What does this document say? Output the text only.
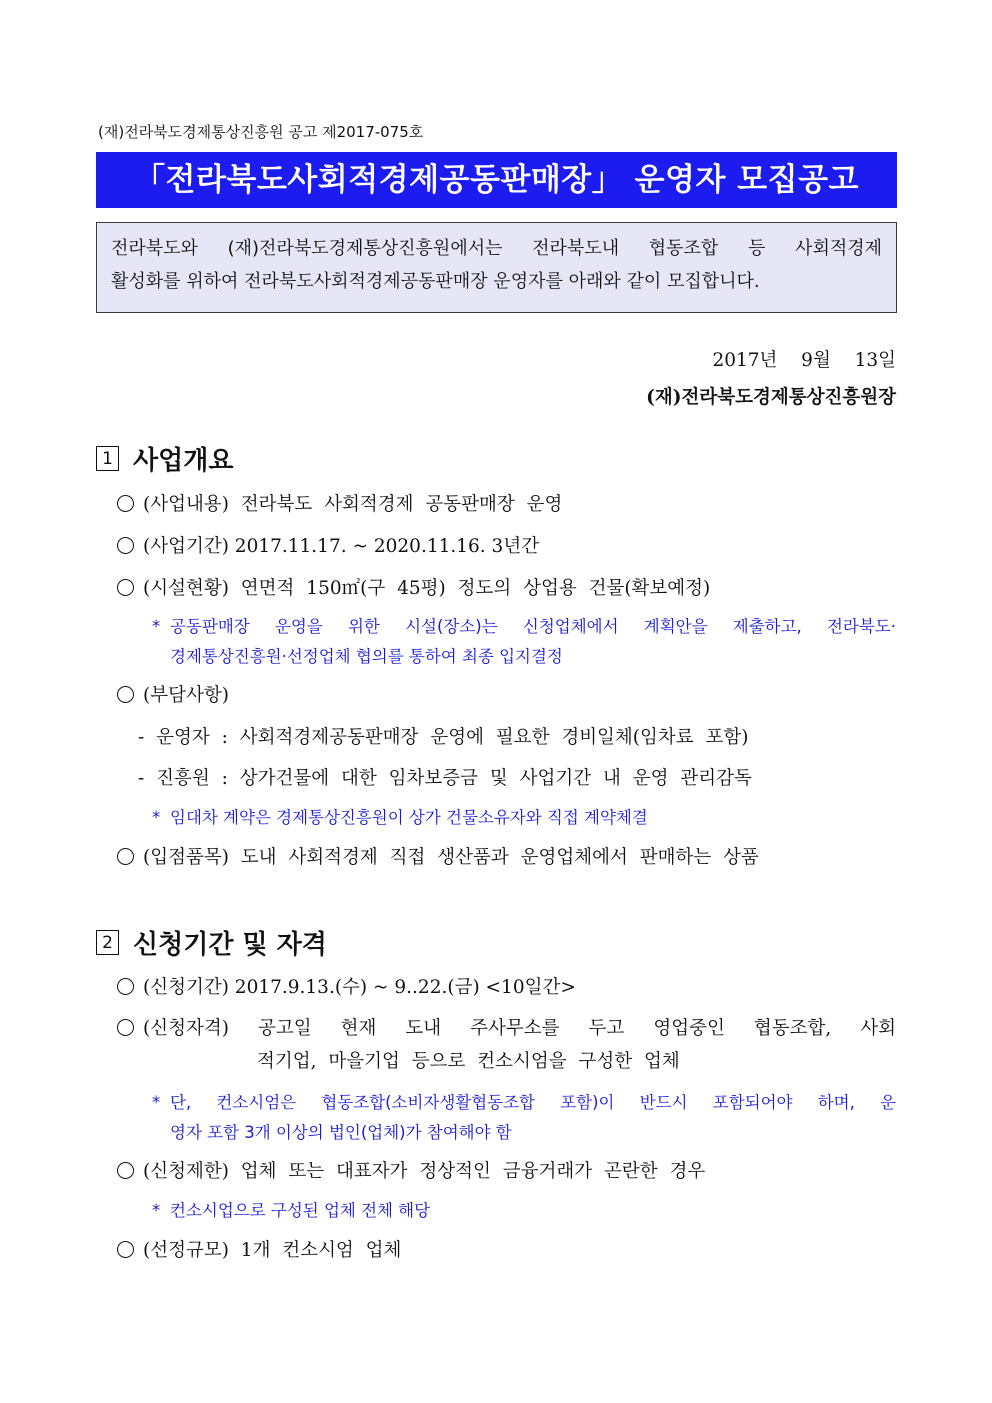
(재)전라북도경제통상진흥원 공고 제2017-075호
「전라북도사회적경제공동판매장」 운영자 모집공고
전라북도와 (재)전라북도경제통상진흥원에서는 전라북도내 협동조합 등 사회적경제
활성화를 위하여 전라북도사회적경제공동판매장 운영자를 아래와 같이 모집합니다.
2017년  9월  13일
(재)전라북도경제통상진흥원장
1 사업개요
(사업내용) 전라북도 사회적경제 공동판매장 운영
(사업기간) 2017.11.17. ~ 2020.11.16. 3년간
(시설현황) 연면적 150㎡(구 45평) 정도의 상업용 건물(확보예정)
* 공동판매장 운영을 위한 시설(장소)는 신청업체에서 계획안을 제출하고, 전라북도·
경제통상진흥원·선정업체 협의를 통하여 최종 입지결정
(부담사항)
- 운영자 : 사회적경제공동판매장 운영에 필요한 경비일체(임차료 포함)
- 진흥원 : 상가건물에 대한 임차보증금 및 사업기간 내 운영 관리감독
* 임대차 계약은 경제통상진흥원이 상가 건물소유자와 직접 계약체결
(입점품목) 도내 사회적경제 직접 생산품과 운영업체에서 판매하는 상품
2 신청기간 및 자격
(신청기간) 2017.9.13.(수) ~ 9..22.(금) <10일간>
(신청자격) 공고일 현재 도내 주사무소를 두고 영업중인 협동조합, 사회
적기업, 마을기업 등으로 컨소시엄을 구성한 업체
* 단, 컨소시엄은 협동조합(소비자생활협동조합 포함)이 반드시 포함되어야 하며, 운
영자 포함 3개 이상의 법인(업체)가 참여해야 함
(신청제한) 업체 또는 대표자가 정상적인 금융거래가 곤란한 경우
* 컨소시업으로 구성된 업체 전체 해당
(선정규모) 1개 컨소시엄 업체
